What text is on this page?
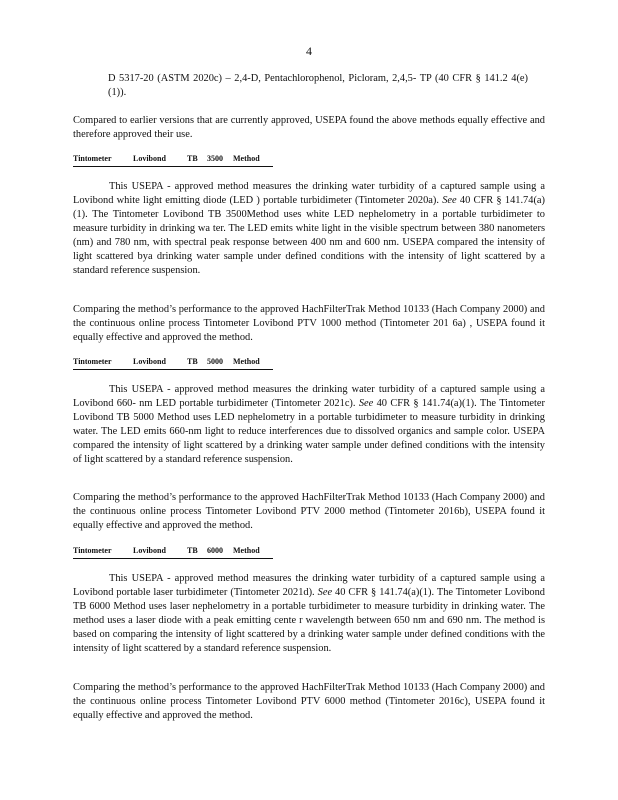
4
D 5317-20 (ASTM 2020c) – 2,4-D, Pentachlorophenol, Picloram, 2,4,5- TP (40 CFR § 141.2 4(e)(1)).
Compared to earlier versions that are currently approved, USEPA found the above methods equally effective and therefore approved their use.
Tintometer	Lovibond	TB 3500 Method
This USEPA - approved method measures the drinking water turbidity of a captured sample using a Lovibond white light emitting diode (LED ) portable turbidimeter (Tintometer 2020a). See 40 CFR § 141.74(a)(1). The Tintometer Lovibond TB 3500Method uses white LED nephelometry in a portable turbidimeter to measure turbidity in drinking wa ter. The LED emits white light in the visible spectrum between 380 nanometers (nm) and 780 nm, with spectral peak response between 400 nm and 600 nm. USEPA compared the intensity of light scattered bya drinking water sample under defined conditions with the intensity of light scattered by a standard reference suspension.
Comparing the method’s performance to the approved HachFilterTrak Method 10133 (Hach Company 2000) and the continuous online process Tintometer Lovibond PTV 1000 method (Tintometer 201 6a) , USEPA found it equally effective and approved the method.
Tintometer	Lovibond	TB 5000 Method
This USEPA - approved method measures the drinking water turbidity of a captured sample using a Lovibond 660- nm LED portable turbidimeter (Tintometer 2021c). See 40 CFR § 141.74(a)(1). The Tintometer Lovibond TB 5000 Method uses LED nephelometry in a portable turbidimeter to measure turbidity in drinking water. The LED emits 660-nm light to reduce interferences due to dissolved organics and sample color. USEPA compared the intensity of light scattered by a drinking water sample under defined conditions with the intensity of light scattered by a standard reference suspension.
Comparing the method’s performance to the approved HachFilterTrak Method 10133 (Hach Company 2000) and the continuous online process Tintometer Lovibond PTV 2000 method (Tintometer 2016b), USEPA found it equally effective and approved the method.
Tintometer	Lovibond	TB 6000 Method
This USEPA - approved method measures the drinking water turbidity of a captured sample using a Lovibond portable laser turbidimeter (Tintometer 2021d). See 40 CFR § 141.74(a)(1). The Tintometer Lovibond TB 6000 Method uses laser nephelometry in a portable turbidimeter to measure turbidity in drinking water. The method uses a laser diode with a peak emitting cente r wavelength between 650 nm and 690 nm. The method is based on comparing the intensity of light scattered by a drinking water sample under defined conditions with the intensity of light scattered by a standard reference suspension.
Comparing the method’s performance to the approved HachFilterTrak Method 10133 (Hach Company 2000) and the continuous online process Tintometer Lovibond PTV 6000 method (Tintometer 2016c), USEPA found it equally effective and approved the method.
